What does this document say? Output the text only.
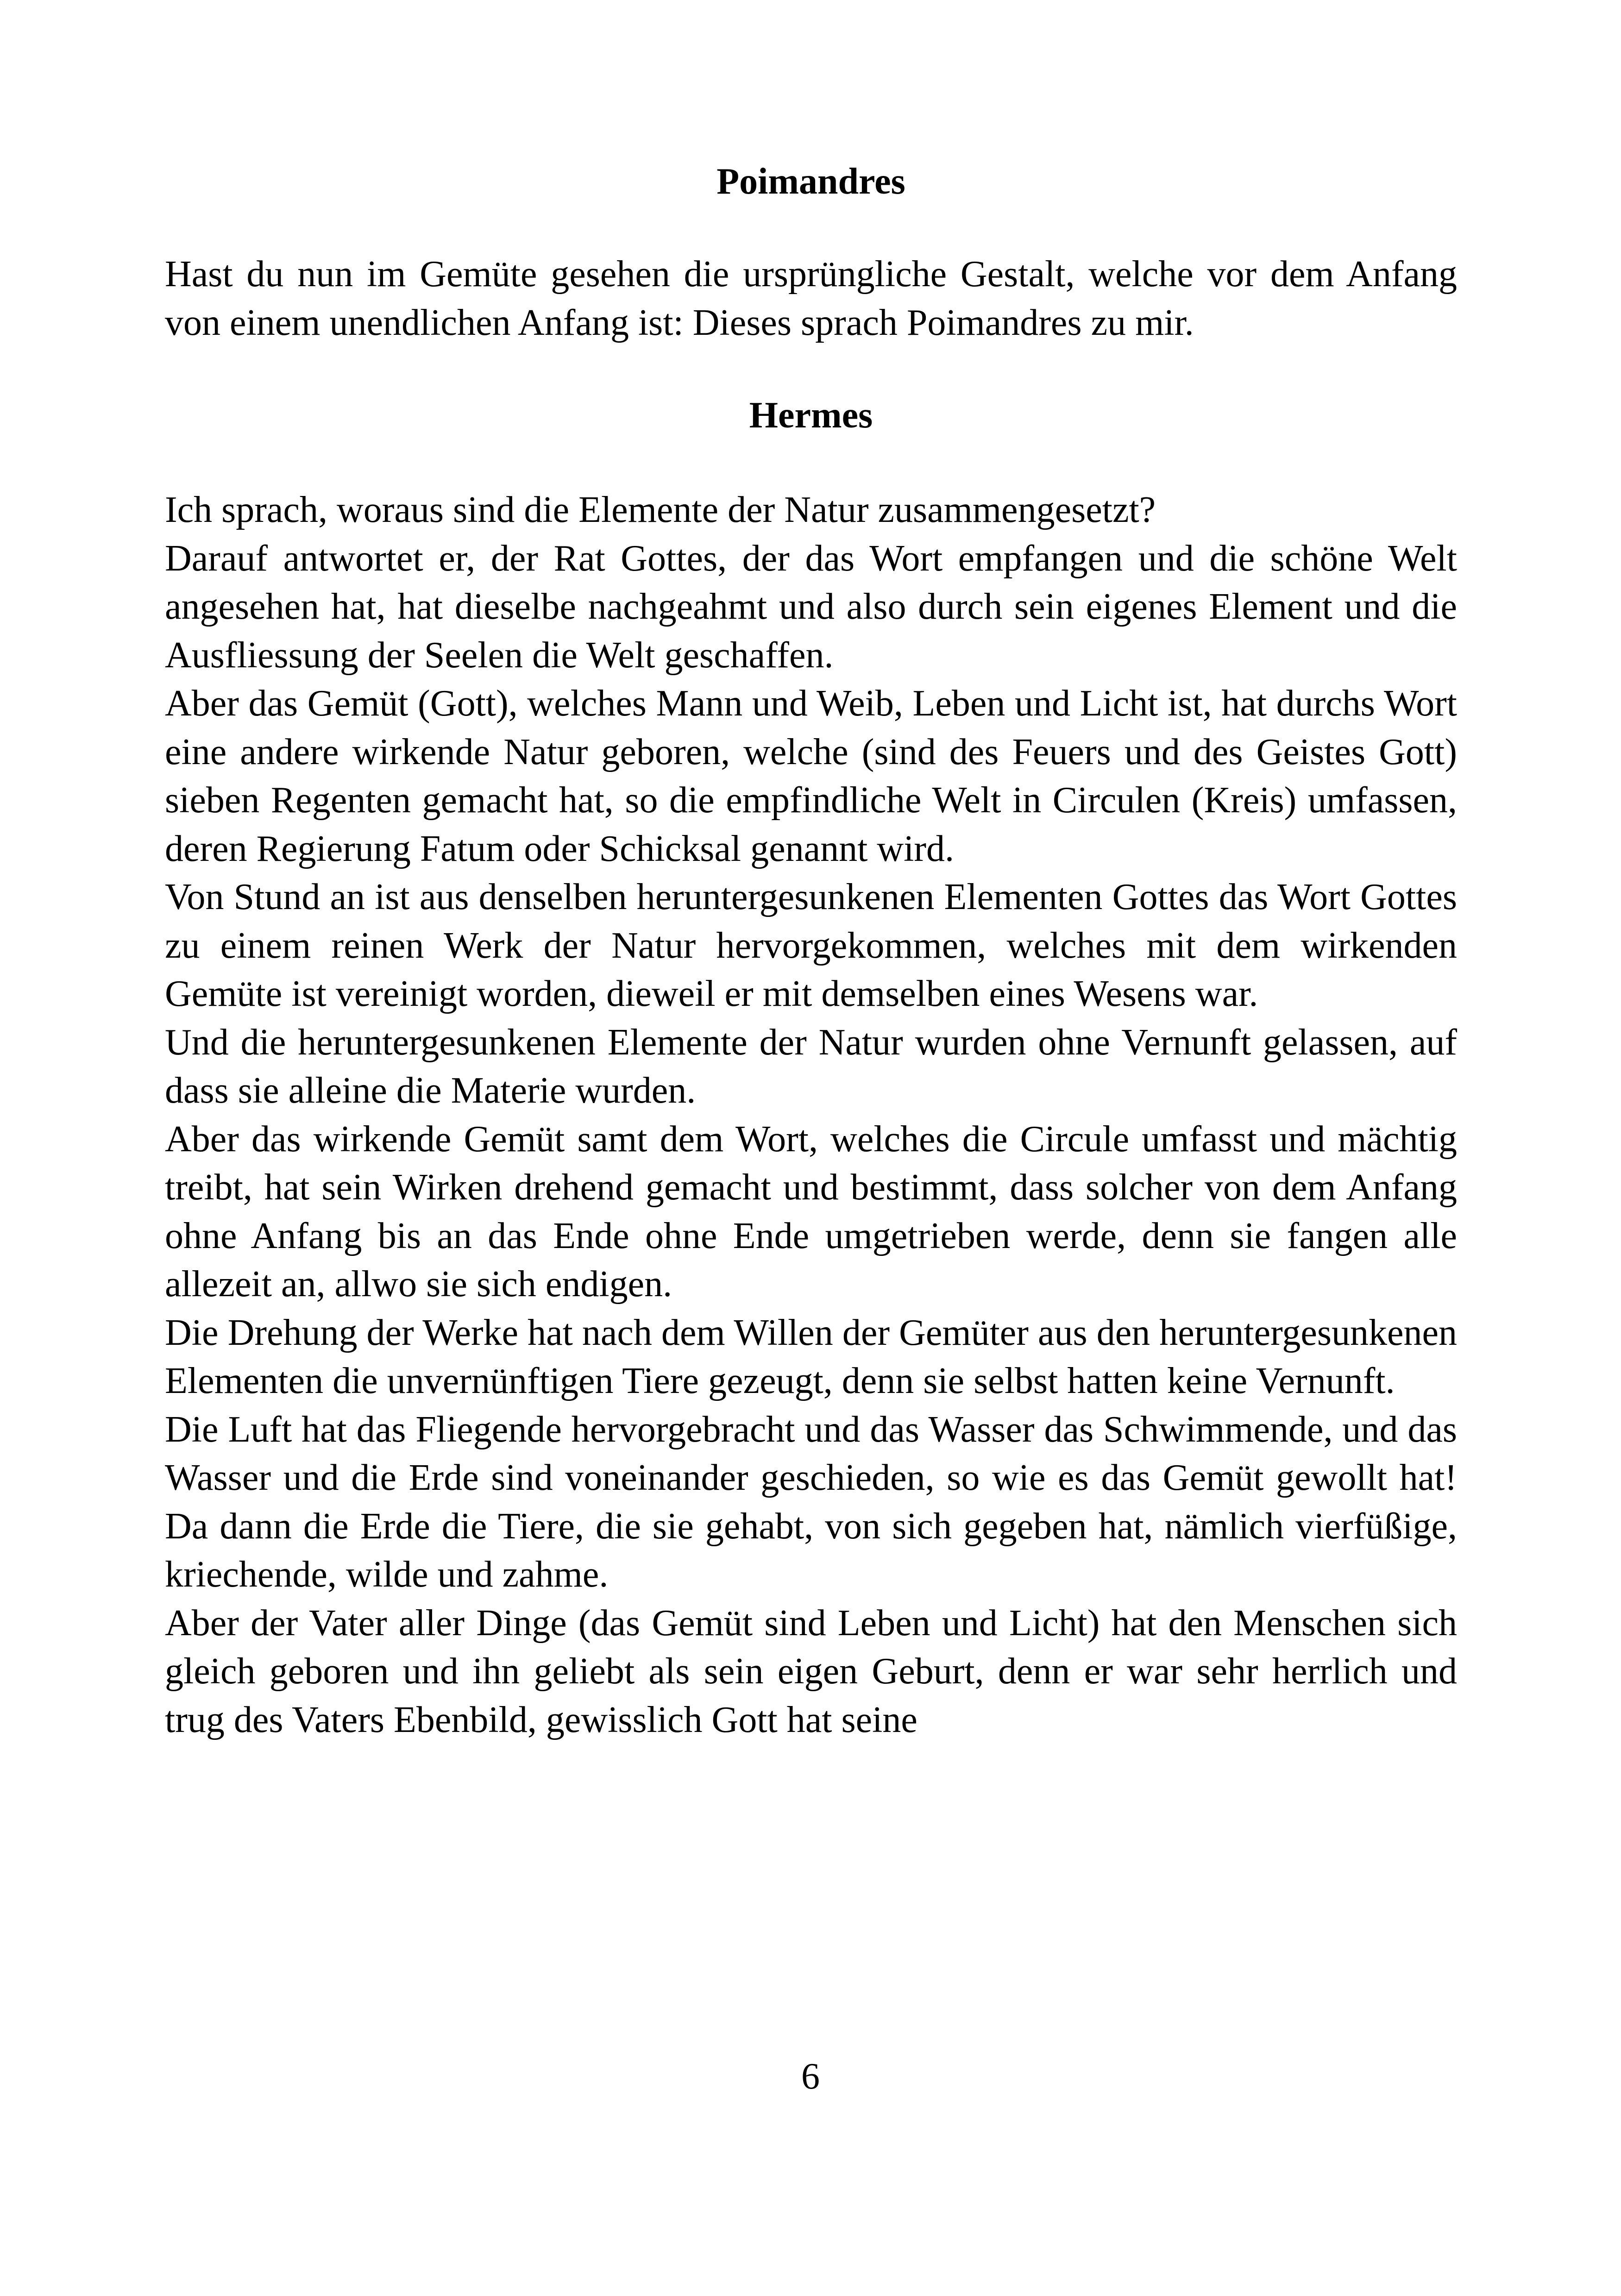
Poimandres

Hast du nun im Gemüte gesehen die ursprüngliche Gestalt, welche vor dem Anfang von einem unendlichen Anfang ist: Dieses sprach Poimandres zu mir.

Hermes

Ich sprach, woraus sind die Elemente der Natur zusammengesetzt?

Darauf antwortet er, der Rat Gottes, der das Wort empfangen und die schöne Welt angesehen hat, hat dieselbe nachgeahmt und also durch sein eigenes Element und die Ausfliessung der Seelen die Welt geschaffen.

Aber das Gemüt (Gott), welches Mann und Weib, Leben und Licht ist, hat durchs Wort eine andere wirkende Natur geboren, welche (sind des Feuers und des Geistes Gott) sieben Regenten gemacht hat, so die empfindliche Welt in Circulen (Kreis) umfassen, deren Regierung Fatum oder Schicksal genannt wird.

Von Stund an ist aus denselben heruntergesunkenen Elementen Gottes das Wort Gottes zu einem reinen Werk der Natur hervorgekommen, welches mit dem wirkenden Gemüte ist vereinigt worden, dieweil er mit demselben eines Wesens war.

Und die heruntergesunkenen Elemente der Natur wurden ohne Vernunft gelassen, auf dass sie alleine die Materie wurden.

Aber das wirkende Gemüt samt dem Wort, welches die Circule umfasst und mächtig treibt, hat sein Wirken drehend gemacht und bestimmt, dass solcher von dem Anfang ohne Anfang bis an das Ende ohne Ende umgetrieben werde, denn sie fangen alle allezeit an, allwo sie sich endigen.

Die Drehung der Werke hat nach dem Willen der Gemüter aus den heruntergesunkenen Elementen die unvernünftigen Tiere gezeugt, denn sie selbst hatten keine Vernunft.

Die Luft hat das Fliegende hervorgebracht und das Wasser das Schwimmende, und das Wasser und die Erde sind voneinander geschieden, so wie es das Gemüt gewollt hat! Da dann die Erde die Tiere, die sie gehabt, von sich gegeben hat, nämlich vierfüßige, kriechende, wilde und zahme.

Aber der Vater aller Dinge (das Gemüt sind Leben und Licht) hat den Menschen sich gleich geboren und ihn geliebt als sein eigen Geburt, denn er war sehr herrlich und trug des Vaters Ebenbild, gewisslich Gott hat seine

6
